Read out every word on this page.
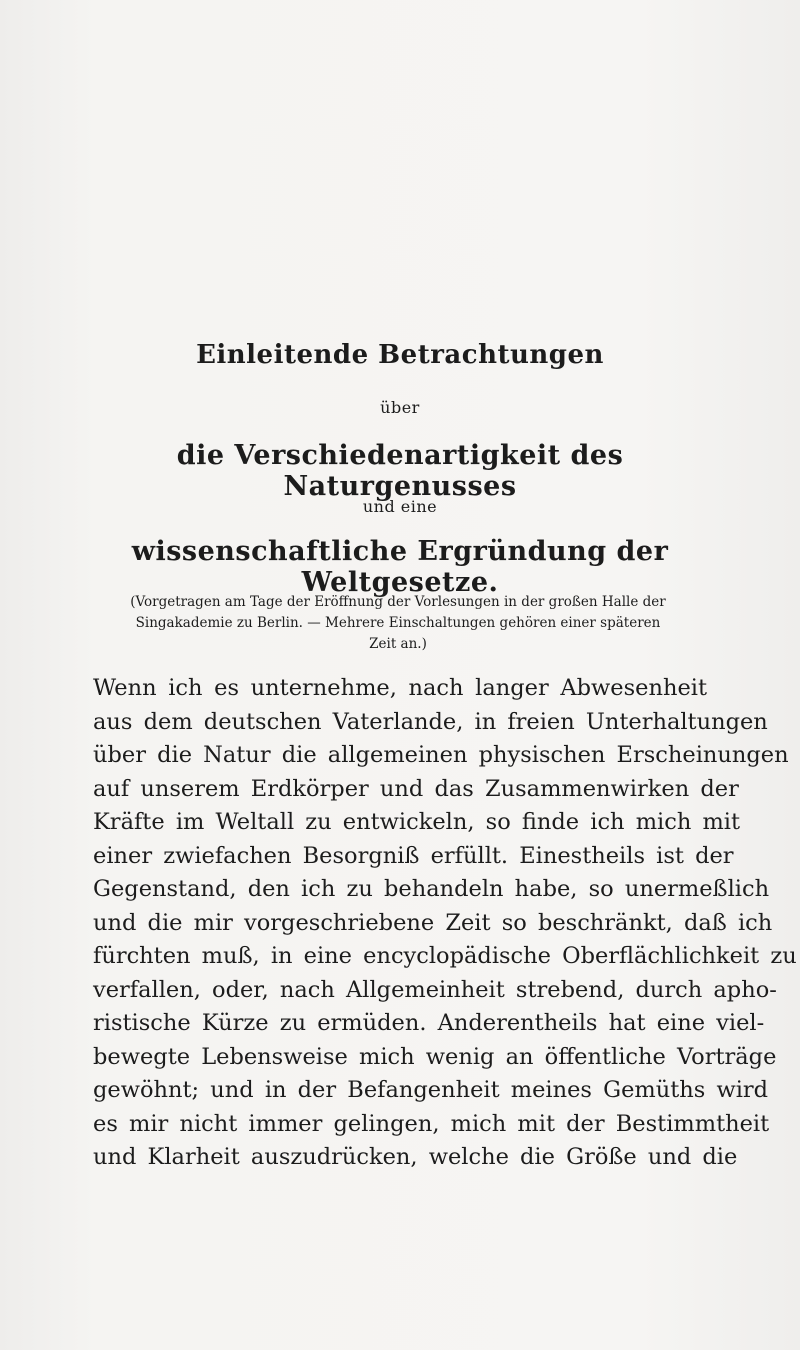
Einleitende Betrachtungen
über
die Verschiedenartigkeit des Naturgenusses
und eine
wissenschaftliche Ergründung der Weltgesetze.
(Vorgetragen am Tage der Eröffnung der Vorlesungen in der großen Halle der
Singakademie zu Berlin. — Mehrere Einschaltungen gehören einer späteren
Zeit an.)
Wenn ich es unternehme, nach langer Abwesenheit
aus dem deutschen Vaterlande, in freien Unterhaltungen
über die Natur die allgemeinen physischen Erscheinungen
auf unserem Erdkörper und das Zusammenwirken der
Kräfte im Weltall zu entwickeln, so finde ich mich mit
einer zwiefachen Besorgniß erfüllt. Einestheils ist der
Gegenstand, den ich zu behandeln habe, so unermeßlich
und die mir vorgeschriebene Zeit so beschränkt, daß ich
fürchten muß, in eine encyclopädische Oberflächlichkeit zu
verfallen, oder, nach Allgemeinheit strebend, durch apho-
ristische Kürze zu ermüden. Anderentheils hat eine viel-
bewegte Lebensweise mich wenig an öffentliche Vorträge
gewöhnt; und in der Befangenheit meines Gemüths wird
es mir nicht immer gelingen, mich mit der Bestimmtheit
und Klarheit auszudrücken, welche die Größe und die
